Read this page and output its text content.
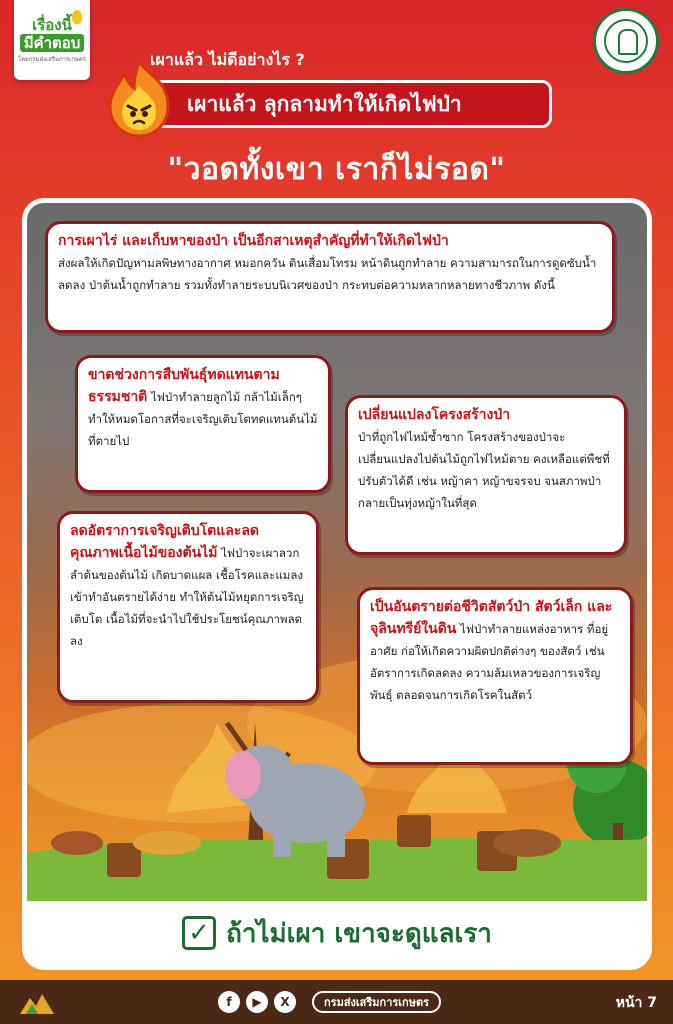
เรื่องนี้
มีคำตอบ
โดยกรมส่งเสริมการเกษตร	เผาแล้ว ไม่ดีอย่างไร ?
เผาแล้ว ลุกลามทำให้เกิดไฟป่า
"วอดทั้งเขา เราก็ไม่รอด"
การเผาไร่ และเก็บหาของป่า เป็นอีกสาเหตุสำคัญที่ทำให้เกิดไฟป่า
ส่งผลให้เกิดปัญหามลพิษทางอากาศ หมอกควัน ดินเสื่อมโทรม หน้าดินถูกทำลาย ความสามารถในการดูดซับน้ำลดลง ป่าต้นน้ำถูกทำลาย รวมทั้งทำลายระบบนิเวศของป่า กระทบต่อความหลากหลายทางชีวภาพ ดังนี้
ขาดช่วงการสืบพันธุ์ทดแทนตามธรรมชาติ ไฟป่าทำลายลูกไม้ กล้าไม้เล็กๆ ทำให้หมดโอกาสที่จะเจริญเติบโตทดแทนต้นไม้ที่ตายไป
เปลี่ยนแปลงโครงสร้างป่า
ป่าที่ถูกไฟไหม้ซ้ำซาก โครงสร้างของป่าจะเปลี่ยนแปลงไปต้นไม้ถูกไฟไหม้ตาย คงเหลือแต่พืชที่ปรับตัวได้ดี เช่น หญ้าคา หญ้าขจรจบ จนสภาพป่า กลายเป็นทุ่งหญ้าในที่สุด
ลดอัตราการเจริญเติบโตและลดคุณภาพเนื้อไม้ของต้นไม้ ไฟป่าจะเผาลวกลำต้นของต้นไม้ เกิดบาดแผล เชื้อโรคและแมลงเข้าทำอันตรายได้ง่าย ทำให้ต้นไม้หยุดการเจริญเติบโต เนื้อไม้ที่จะนำไปใช้ประโยชน์คุณภาพลดลง
เป็นอันตรายต่อชีวิตสัตว์ป่า สัตว์เล็ก และจุลินทรีย์ในดิน ไฟป่าทำลายแหล่งอาหาร ที่อยู่อาศัย ก่อให้เกิดความผิดปกติต่างๆ ของสัตว์ เช่น อัตราการเกิดลดลง ความล้มเหลวของการเจริญพันธุ์ ตลอดจนการเกิดโรคในสัตว์
✓ ถ้าไม่เผา เขาจะดูแลเรา
f	▶	X	กรมส่งเสริมการเกษตร	หน้า 7
